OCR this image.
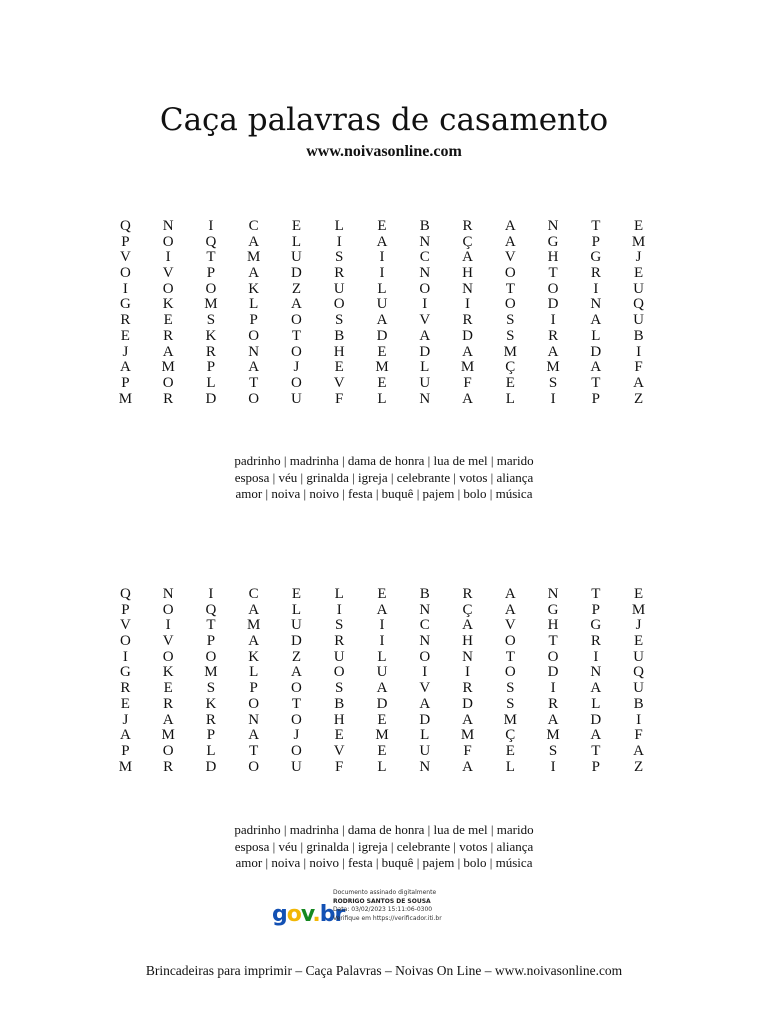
Caça palavras de casamento
www.noivasonline.com
Q	N	I	C	E	L	E	B	R	A	N	T	E
P	O	Q	A	L	I	A	N	Ç	A	G	P	M
V	I	T	M	U	S	I	C	A	V	H	G	J
O	V	P	A	D	R	I	N	H	O	T	R	E
I	O	O	K	Z	U	L	O	N	T	O	I	U
G	K	M	L	A	O	U	I	I	O	D	N	Q
R	E	S	P	O	S	A	V	R	S	I	A	U
E	R	K	O	T	B	D	A	D	S	R	L	B
J	A	R	N	O	H	E	D	A	M	A	D	I
A	M	P	A	J	E	M	L	M	Ç	M	A	F
P	O	L	T	O	V	E	U	F	E	S	T	A
M	R	D	O	U	F	L	N	A	L	I	P	Z
padrinho | madrinha | dama de honra | lua de mel | marido
esposa | véu | grinalda | igreja | celebrante | votos | aliança
amor | noiva | noivo | festa | buquê | pajem | bolo | música
Q	N	I	C	E	L	E	B	R	A	N	T	E
P	O	Q	A	L	I	A	N	Ç	A	G	P	M
V	I	T	M	U	S	I	C	A	V	H	G	J
O	V	P	A	D	R	I	N	H	O	T	R	E
I	O	O	K	Z	U	L	O	N	T	O	I	U
G	K	M	L	A	O	U	I	I	O	D	N	Q
R	E	S	P	O	S	A	V	R	S	I	A	U
E	R	K	O	T	B	D	A	D	S	R	L	B
J	A	R	N	O	H	E	D	A	M	A	D	I
A	M	P	A	J	E	M	L	M	Ç	M	A	F
P	O	L	T	O	V	E	U	F	E	S	T	A
M	R	D	O	U	F	L	N	A	L	I	P	Z
padrinho | madrinha | dama de honra | lua de mel | marido
esposa | véu | grinalda | igreja | celebrante | votos | aliança
amor | noiva | noivo | festa | buquê | pajem | bolo | música
gov.br
Documento assinado digitalmente
RODRIGO SANTOS DE SOUSA
Data: 03/02/2023 15:11:06-0300
Verifique em https://verificador.iti.br
Brincadeiras para imprimir – Caça Palavras – Noivas On Line – www.noivasonline.com
